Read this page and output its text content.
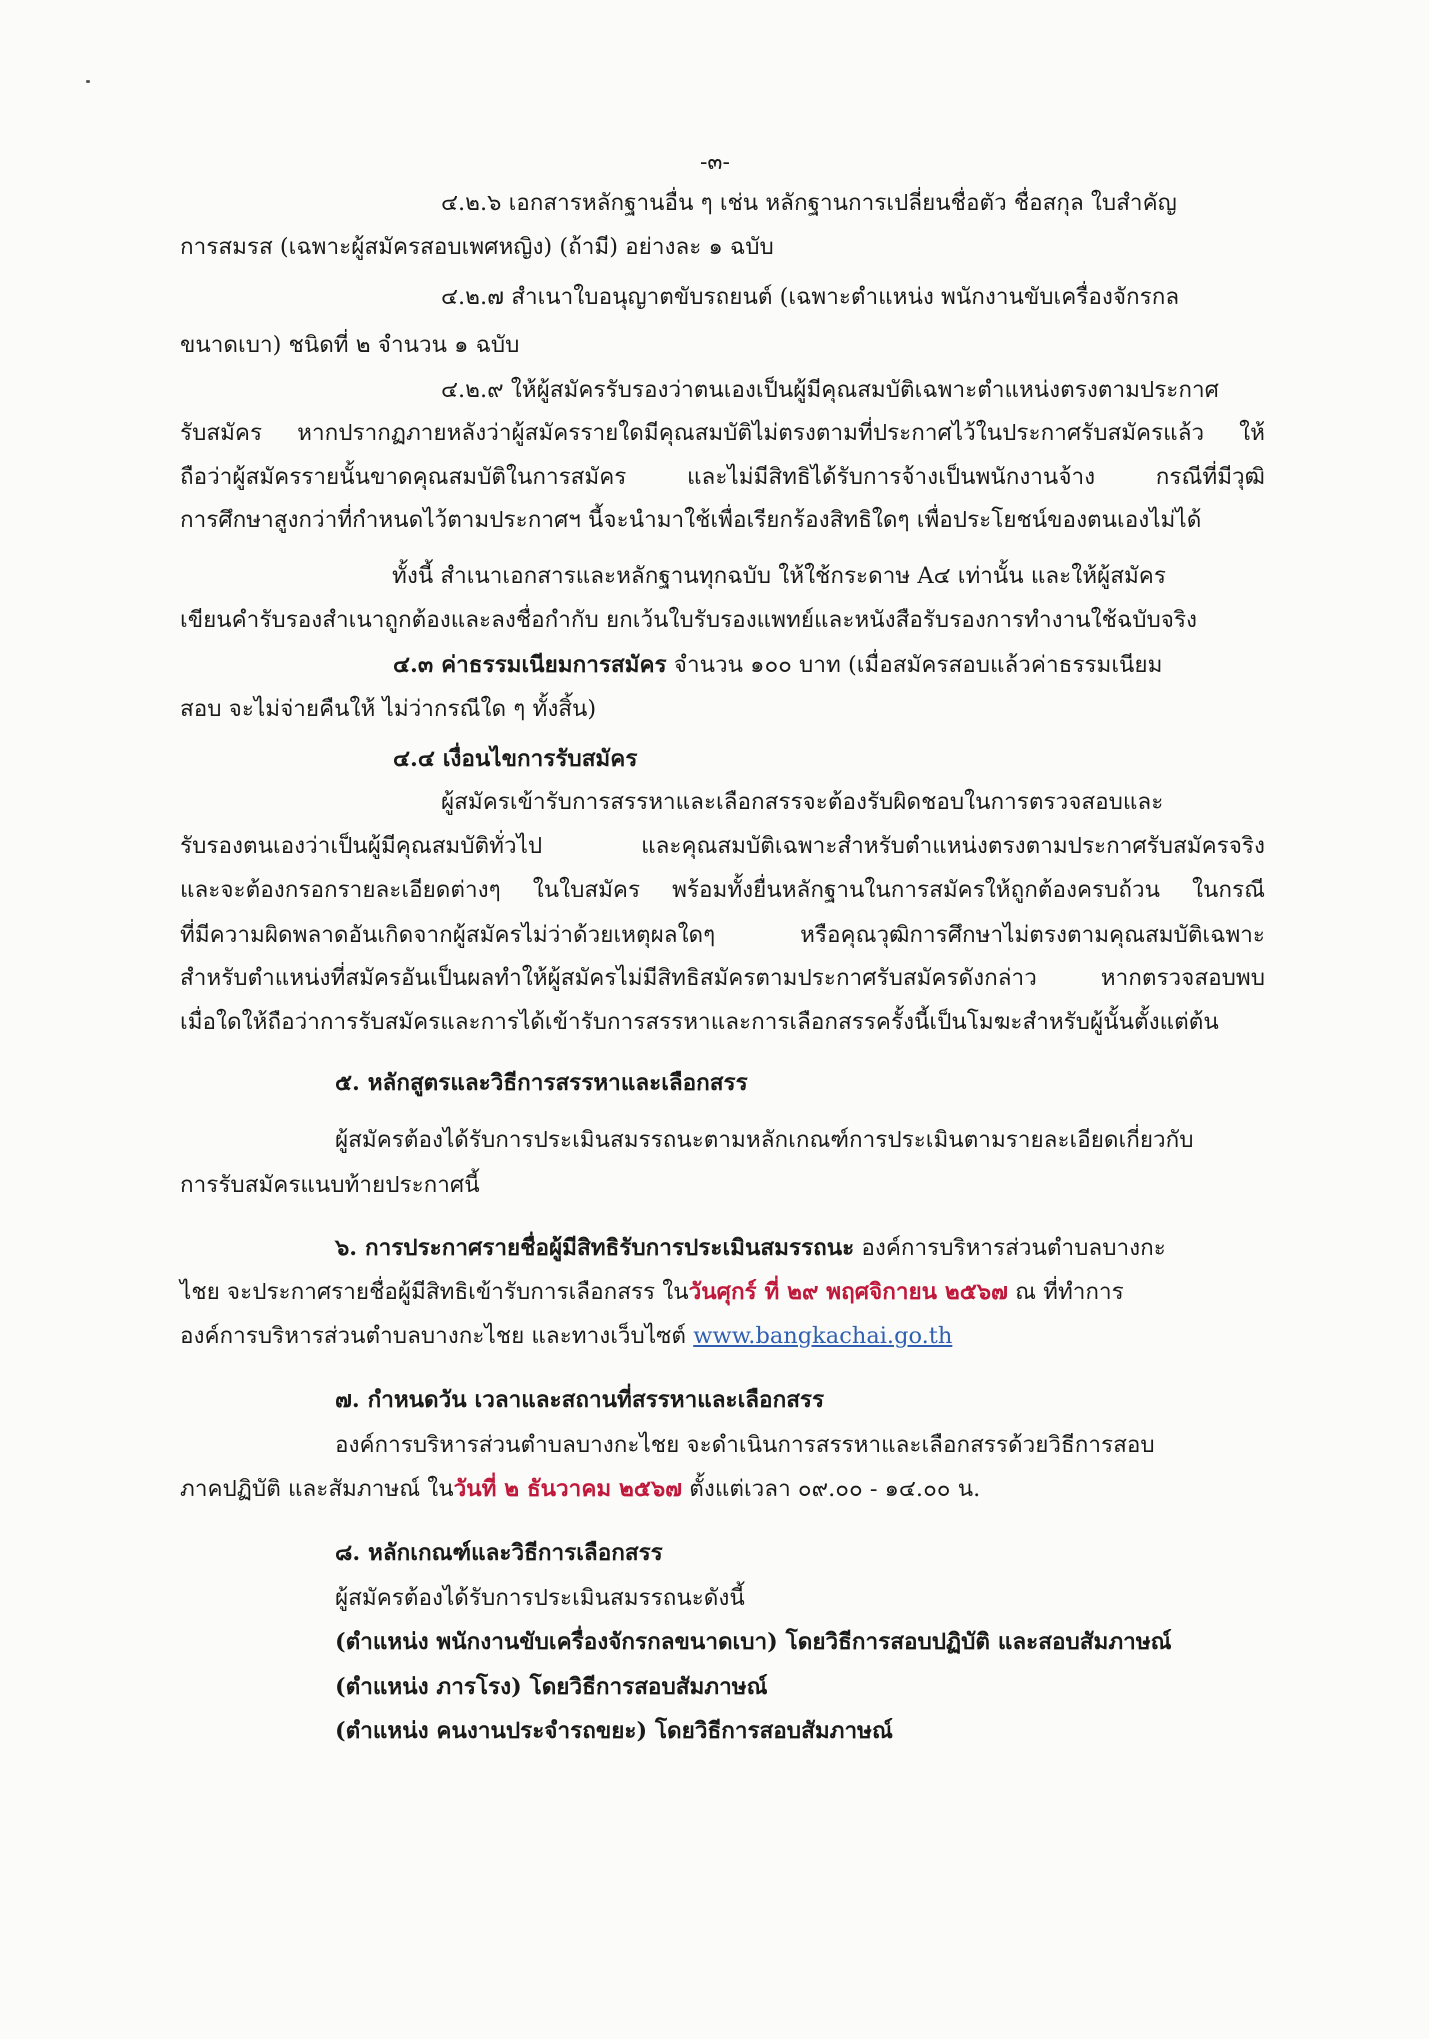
-๓-
๔.๒.๖ เอกสารหลักฐานอื่น ๆ เช่น หลักฐานการเปลี่ยนชื่อตัว ชื่อสกุล ใบสำคัญ
การสมรส (เฉพาะผู้สมัครสอบเพศหญิง) (ถ้ามี) อย่างละ ๑ ฉบับ
๔.๒.๗ สำเนาใบอนุญาตขับรถยนต์ (เฉพาะตำแหน่ง พนักงานขับเครื่องจักรกล
ขนาดเบา) ชนิดที่ ๒ จำนวน ๑ ฉบับ
๔.๒.๙ ให้ผู้สมัครรับรองว่าตนเองเป็นผู้มีคุณสมบัติเฉพาะตำแหน่งตรงตามประกาศ
รับสมัคร หากปรากฏภายหลังว่าผู้สมัครรายใดมีคุณสมบัติไม่ตรงตามที่ประกาศไว้ในประกาศรับสมัครแล้ว ให้
ถือว่าผู้สมัครรายนั้นขาดคุณสมบัติในการสมัคร และไม่มีสิทธิได้รับการจ้างเป็นพนักงานจ้าง กรณีที่มีวุฒิ
การศึกษาสูงกว่าที่กำหนดไว้ตามประกาศฯ นี้จะนำมาใช้เพื่อเรียกร้องสิทธิใดๆ เพื่อประโยชน์ของตนเองไม่ได้
ทั้งนี้ สำเนาเอกสารและหลักฐานทุกฉบับ ให้ใช้กระดาษ A๔ เท่านั้น และให้ผู้สมัคร
เขียนคำรับรองสำเนาถูกต้องและลงชื่อกำกับ ยกเว้นใบรับรองแพทย์และหนังสือรับรองการทำงานใช้ฉบับจริง
๔.๓ ค่าธรรมเนียมการสมัคร จำนวน ๑๐๐ บาท (เมื่อสมัครสอบแล้วค่าธรรมเนียม
สอบ จะไม่จ่ายคืนให้ ไม่ว่ากรณีใด ๆ ทั้งสิ้น)
๔.๔ เงื่อนไขการรับสมัคร
ผู้สมัครเข้ารับการสรรหาและเลือกสรรจะต้องรับผิดชอบในการตรวจสอบและ
รับรองตนเองว่าเป็นผู้มีคุณสมบัติทั่วไป และคุณสมบัติเฉพาะสำหรับตำแหน่งตรงตามประกาศรับสมัครจริง
และจะต้องกรอกรายละเอียดต่างๆ ในใบสมัคร พร้อมทั้งยื่นหลักฐานในการสมัครให้ถูกต้องครบถ้วน ในกรณี
ที่มีความผิดพลาดอันเกิดจากผู้สมัครไม่ว่าด้วยเหตุผลใดๆ หรือคุณวุฒิการศึกษาไม่ตรงตามคุณสมบัติเฉพาะ
สำหรับตำแหน่งที่สมัครอันเป็นผลทำให้ผู้สมัครไม่มีสิทธิสมัครตามประกาศรับสมัครดังกล่าว หากตรวจสอบพบ
เมื่อใดให้ถือว่าการรับสมัครและการได้เข้ารับการสรรหาและการเลือกสรรครั้งนี้เป็นโมฆะสำหรับผู้นั้นตั้งแต่ต้น
๕. หลักสูตรและวิธีการสรรหาและเลือกสรร
ผู้สมัครต้องได้รับการประเมินสมรรถนะตามหลักเกณฑ์การประเมินตามรายละเอียดเกี่ยวกับ
การรับสมัครแนบท้ายประกาศนี้
๖. การประกาศรายชื่อผู้มีสิทธิรับการประเมินสมรรถนะ องค์การบริหารส่วนตำบลบางกะ
ไชย จะประกาศรายชื่อผู้มีสิทธิเข้ารับการเลือกสรร ในวันศุกร์ ที่ ๒๙ พฤศจิกายน ๒๕๖๗ ณ ที่ทำการ
องค์การบริหารส่วนตำบลบางกะไชย และทางเว็บไซต์ www.bangkachai.go.th
๗. กำหนดวัน เวลาและสถานที่สรรหาและเลือกสรร
องค์การบริหารส่วนตำบลบางกะไชย จะดำเนินการสรรหาและเลือกสรรด้วยวิธีการสอบ
ภาคปฏิบัติ และสัมภาษณ์ ในวันที่ ๒ ธันวาคม ๒๕๖๗ ตั้งแต่เวลา ๐๙.๐๐ - ๑๔.๐๐ น.
๘. หลักเกณฑ์และวิธีการเลือกสรร
ผู้สมัครต้องได้รับการประเมินสมรรถนะดังนี้
(ตำแหน่ง พนักงานขับเครื่องจักรกลขนาดเบา) โดยวิธีการสอบปฏิบัติ และสอบสัมภาษณ์
(ตำแหน่ง ภารโรง) โดยวิธีการสอบสัมภาษณ์
(ตำแหน่ง คนงานประจำรถขยะ) โดยวิธีการสอบสัมภาษณ์
